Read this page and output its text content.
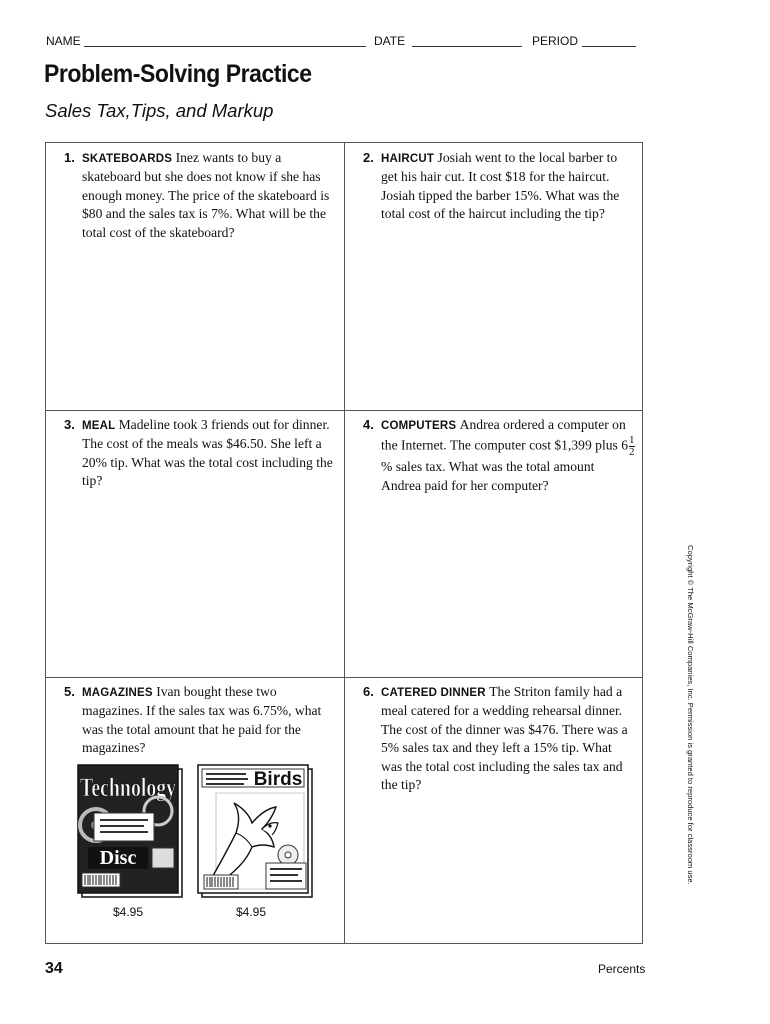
NAME	DATE	PERIOD
Problem-Solving Practice
Sales Tax,Tips, and Markup
1. SKATEBOARDS Inez wants to buy a skateboard but she does not know if she has enough money. The price of the skateboard is $80 and the sales tax is 7%. What will be the total cost of the skateboard?
2. HAIRCUT Josiah went to the local barber to get his hair cut. It cost $18 for the haircut. Josiah tipped the barber 15%. What was the total cost of the haircut including the tip?
3. MEAL Madeline took 3 friends out for dinner. The cost of the meals was $46.50. She left a 20% tip. What was the total cost including the tip?
4. COMPUTERS Andrea ordered a computer on the Internet. The computer cost $1,399 plus $6 \frac{1}{2}$
% sales tax. What was the total amount Andrea paid for her computer?
5. MAGAZINES Ivan bought these two magazines. If the sales tax was 6.75%, what was the total amount that he paid for the magazines?
Technology
Disc
Birds
$4.95	$4.95
6. CATERED DINNER The Striton family had a meal catered for a wedding rehearsal dinner. The cost of the dinner was $476. There was a 5% sales tax and they left a 15% tip. What was the total cost including the sales tax and the tip?	Copyright © The McGraw-Hill Companies, Inc. Permission is granted to reproduce for classroom use.
34	Percents
